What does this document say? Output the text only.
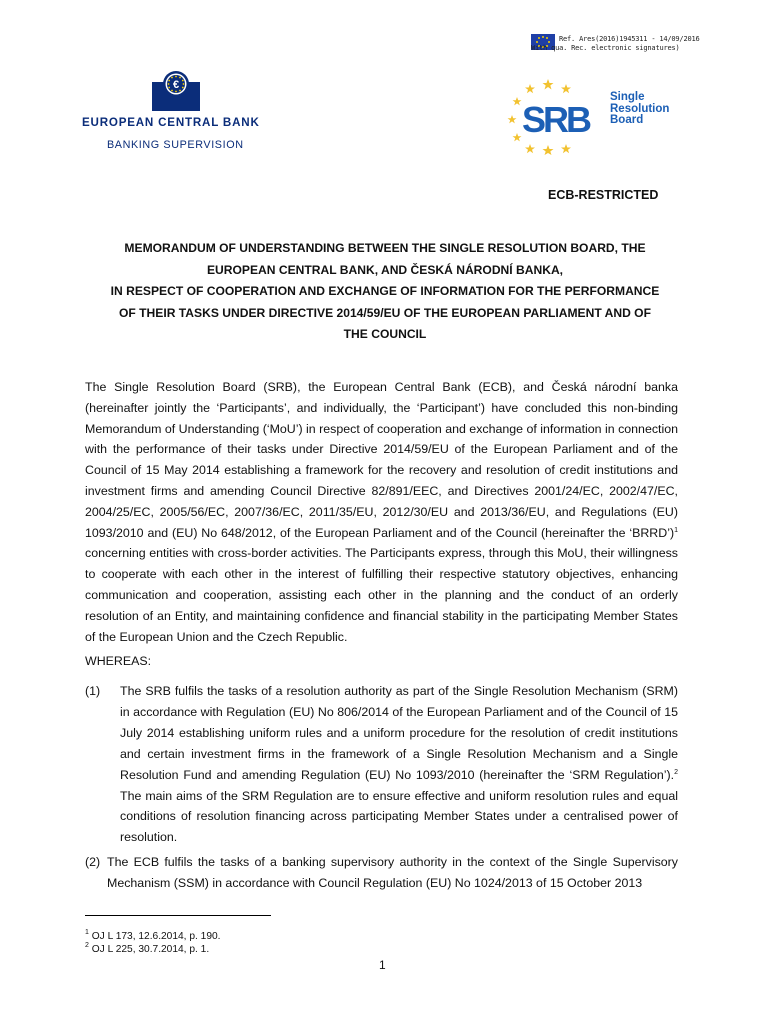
Ref. Ares(2016)1945311 - 14/09/2016
With qua. Rec. electronic signatures)
€
EUROPEAN CENTRAL BANK
BANKING SUPERVISION
SRB
Single
Resolution
Board
ECB-RESTRICTED
MEMORANDUM OF UNDERSTANDING BETWEEN THE SINGLE RESOLUTION BOARD, THE
EUROPEAN CENTRAL BANK, AND ČESKÁ NÁRODNÍ BANKA,
IN RESPECT OF COOPERATION AND EXCHANGE OF INFORMATION FOR THE PERFORMANCE
OF THEIR TASKS UNDER DIRECTIVE 2014/59/EU OF THE EUROPEAN PARLIAMENT AND OF
THE COUNCIL
The Single Resolution Board (SRB), the European Central Bank (ECB), and Česká národní banka (hereinafter jointly the ‘Participants’, and individually, the ‘Participant’) have concluded this non-binding Memorandum of Understanding (‘MoU’) in respect of cooperation and exchange of information in connection with the performance of their tasks under Directive 2014/59/EU of the European Parliament and of the Council of 15 May 2014 establishing a framework for the recovery and resolution of credit institutions and investment firms and amending Council Directive 82/891/EEC, and Directives 2001/24/EC, 2002/47/EC, 2004/25/EC, 2005/56/EC, 2007/36/EC, 2011/35/EU, 2012/30/EU and 2013/36/EU, and Regulations (EU) 1093/2010 and (EU) No 648/2012, of the European Parliament and of the Council (hereinafter the ‘BRRD’)$^1$ concerning entities with cross-border activities. The Participants express, through this MoU, their willingness to cooperate with each other in the interest of fulfilling their respective statutory objectives, enhancing communication and cooperation, assisting each other in the planning and the conduct of an orderly resolution of an Entity, and maintaining confidence and financial stability in the participating Member States of the European Union and the Czech Republic.
WHEREAS:
(1) The SRB fulfils the tasks of a resolution authority as part of the Single Resolution Mechanism (SRM) in accordance with Regulation (EU) No 806/2014 of the European Parliament and of the Council of 15 July 2014 establishing uniform rules and a uniform procedure for the resolution of credit institutions and certain investment firms in the framework of a Single Resolution Mechanism and a Single Resolution Fund and amending Regulation (EU) No 1093/2010 (hereinafter the ‘SRM Regulation’).$^2$ The main aims of the SRM Regulation are to ensure effective and uniform resolution rules and equal conditions of resolution financing across participating Member States under a centralised power of resolution.
(2) The ECB fulfils the tasks of a banking supervisory authority in the context of the Single Supervisory Mechanism (SSM) in accordance with Council Regulation (EU) No 1024/2013 of 15 October 2013
$^1$ OJ L 173, 12.6.2014, p. 190.
$^2$ OJ L 225, 30.7.2014, p. 1.
1
